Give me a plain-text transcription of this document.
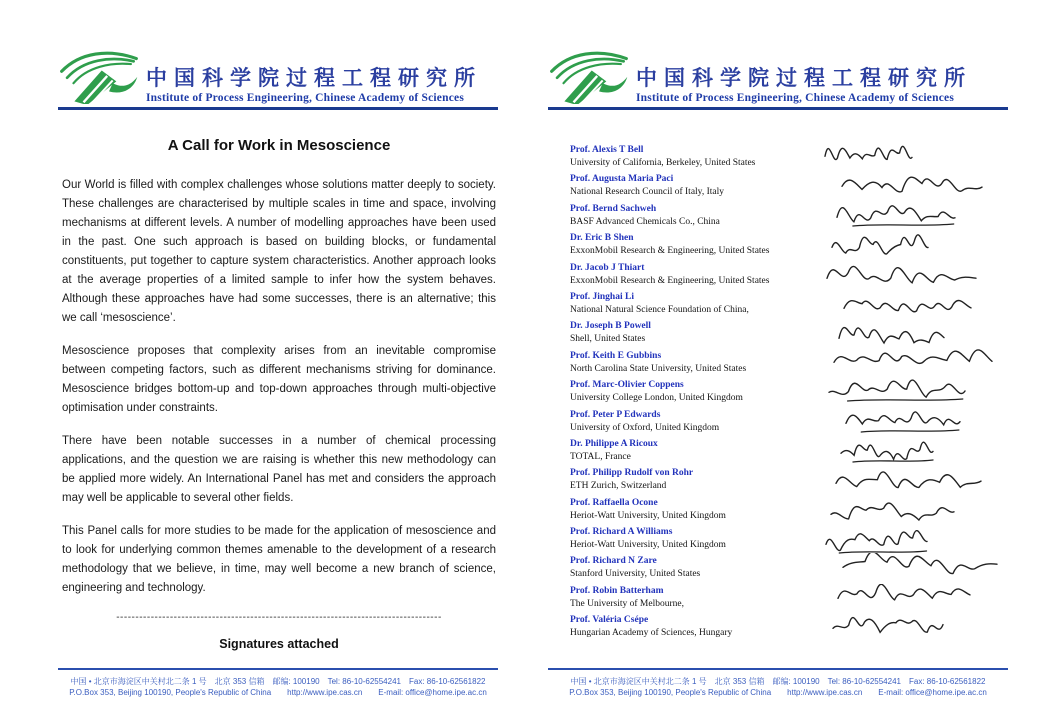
中国科学院过程工程研究所
Institute of Process Engineering, Chinese Academy of Sciences
A Call for Work in Mesoscience

Our World is filled with complex challenges whose solutions matter deeply to society. These challenges are characterised by multiple scales in time and space, involving mechanisms at different levels. A number of modelling approaches have been used in the past. One such approach is based on building blocks, or fundamental constituents, put together to capture system characteristics. Another approach looks at the average properties of a limited sample to infer how the system behaves. Although these approaches have had some successes, there is an alternative; this we call ‘mesoscience’.

Mesoscience proposes that complexity arises from an inevitable compromise between competing factors, such as different mechanisms striving for dominance. Mesoscience bridges bottom-up and top-down approaches through multi-objective optimisation under constraints.

There have been notable successes in a number of chemical processing applications, and the question we are raising is whether this new methodology can be applied more widely. An International Panel has met and considers the approach may well be applicable to several other fields.

This Panel calls for more studies to be made for the application of mesoscience and to look for underlying common themes amenable to the development of a research methodology that we believe, in time, may well become a new branch of science, engineering and technology.

-------------------------------------------------------------------------------------
Signatures attached
中国 • 北京市海淀区中关村北二条 1 号 北京 353 信箱 邮编: 100190 Tel: 86-10-62554241 Fax: 86-10-62561822
P.O.Box 353, Beijing 100190, People's Republic of China  http://www.ipe.cas.cn  E-mail: office@home.ipe.ac.cn
中国科学院过程工程研究所
Institute of Process Engineering, Chinese Academy of Sciences
Prof. Alexis T Bell
University of California, Berkeley, United States
Prof. Augusta Maria Paci
National Research Council of Italy, Italy
Prof. Bernd Sachweh
BASF Advanced Chemicals Co., China
Dr. Eric B Shen
ExxonMobil Research & Engineering, United States
Dr. Jacob J Thiart
ExxonMobil Research & Engineering, United States
Prof. Jinghai Li
National Natural Science Foundation of China,
Dr. Joseph B Powell
Shell, United States
Prof. Keith E Gubbins
North Carolina State University, United States
Prof. Marc-Olivier Coppens
University College London, United Kingdom
Prof. Peter P Edwards
University of Oxford, United Kingdom
Dr. Philippe A Ricoux
TOTAL, France
Prof. Philipp Rudolf von Rohr
ETH Zurich, Switzerland
Prof. Raffaella Ocone
Heriot-Watt University, United Kingdom
Prof. Richard A Williams
Heriot-Watt University, United Kingdom
Prof. Richard N Zare
Stanford University, United States
Prof. Robin Batterham
The University of Melbourne,
Prof. Valéria Csépe
Hungarian Academy of Sciences, Hungary
中国 • 北京市海淀区中关村北二条 1 号 北京 353 信箱 邮编: 100190 Tel: 86-10-62554241 Fax: 86-10-62561822
P.O.Box 353, Beijing 100190, People's Republic of China  http://www.ipe.cas.cn  E-mail: office@home.ipe.ac.cn
